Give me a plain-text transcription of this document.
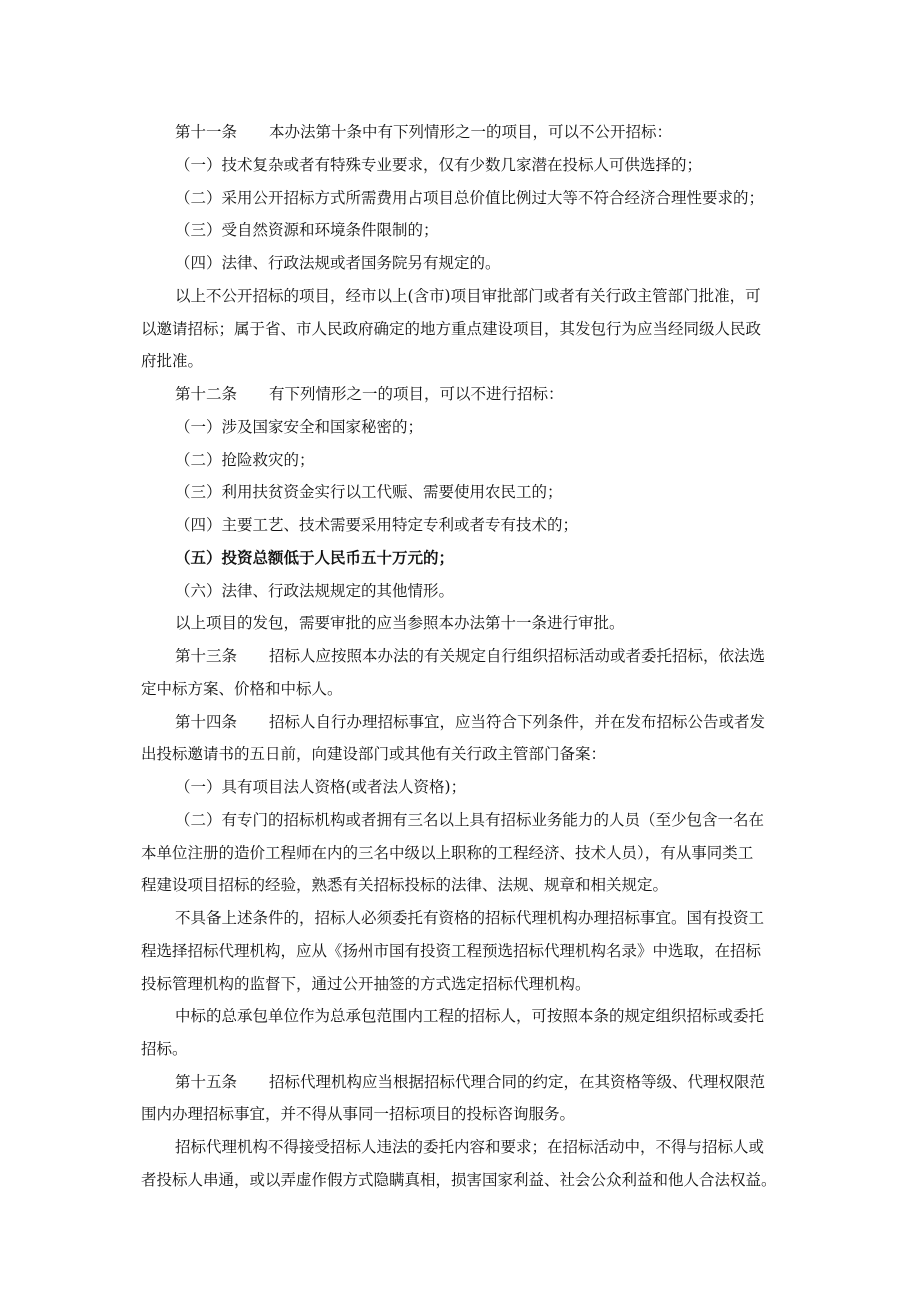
第十一条 本办法第十条中有下列情形之一的项目，可以不公开招标：
（一）技术复杂或者有特殊专业要求，仅有少数几家潜在投标人可供选择的；
（二）采用公开招标方式所需费用占项目总价值比例过大等不符合经济合理性要求的；
（三）受自然资源和环境条件限制的；
（四）法律、行政法规或者国务院另有规定的。
以上不公开招标的项目，经市以上(含市)项目审批部门或者有关行政主管部门批准，可
以邀请招标；属于省、市人民政府确定的地方重点建设项目，其发包行为应当经同级人民政
府批准。
第十二条 有下列情形之一的项目，可以不进行招标：
（一）涉及国家安全和国家秘密的；
（二）抢险救灾的；
（三）利用扶贫资金实行以工代赈、需要使用农民工的；
（四）主要工艺、技术需要采用特定专利或者专有技术的；
（五）投资总额低于人民币五十万元的；
（六）法律、行政法规规定的其他情形。
以上项目的发包，需要审批的应当参照本办法第十一条进行审批。
第十三条 招标人应按照本办法的有关规定自行组织招标活动或者委托招标，依法选
定中标方案、价格和中标人。
第十四条 招标人自行办理招标事宜，应当符合下列条件，并在发布招标公告或者发
出投标邀请书的五日前，向建设部门或其他有关行政主管部门备案：
（一）具有项目法人资格(或者法人资格)；
（二）有专门的招标机构或者拥有三名以上具有招标业务能力的人员（至少包含一名在
本单位注册的造价工程师在内的三名中级以上职称的工程经济、技术人员），有从事同类工
程建设项目招标的经验，熟悉有关招标投标的法律、法规、规章和相关规定。
不具备上述条件的，招标人必须委托有资格的招标代理机构办理招标事宜。国有投资工
程选择招标代理机构，应从《扬州市国有投资工程预选招标代理机构名录》中选取，在招标
投标管理机构的监督下，通过公开抽签的方式选定招标代理机构。
中标的总承包单位作为总承包范围内工程的招标人，可按照本条的规定组织招标或委托
招标。
第十五条 招标代理机构应当根据招标代理合同的约定，在其资格等级、代理权限范
围内办理招标事宜，并不得从事同一招标项目的投标咨询服务。
招标代理机构不得接受招标人违法的委托内容和要求；在招标活动中，不得与招标人或
者投标人串通，或以弄虚作假方式隐瞒真相，损害国家利益、社会公众利益和他人合法权益。
